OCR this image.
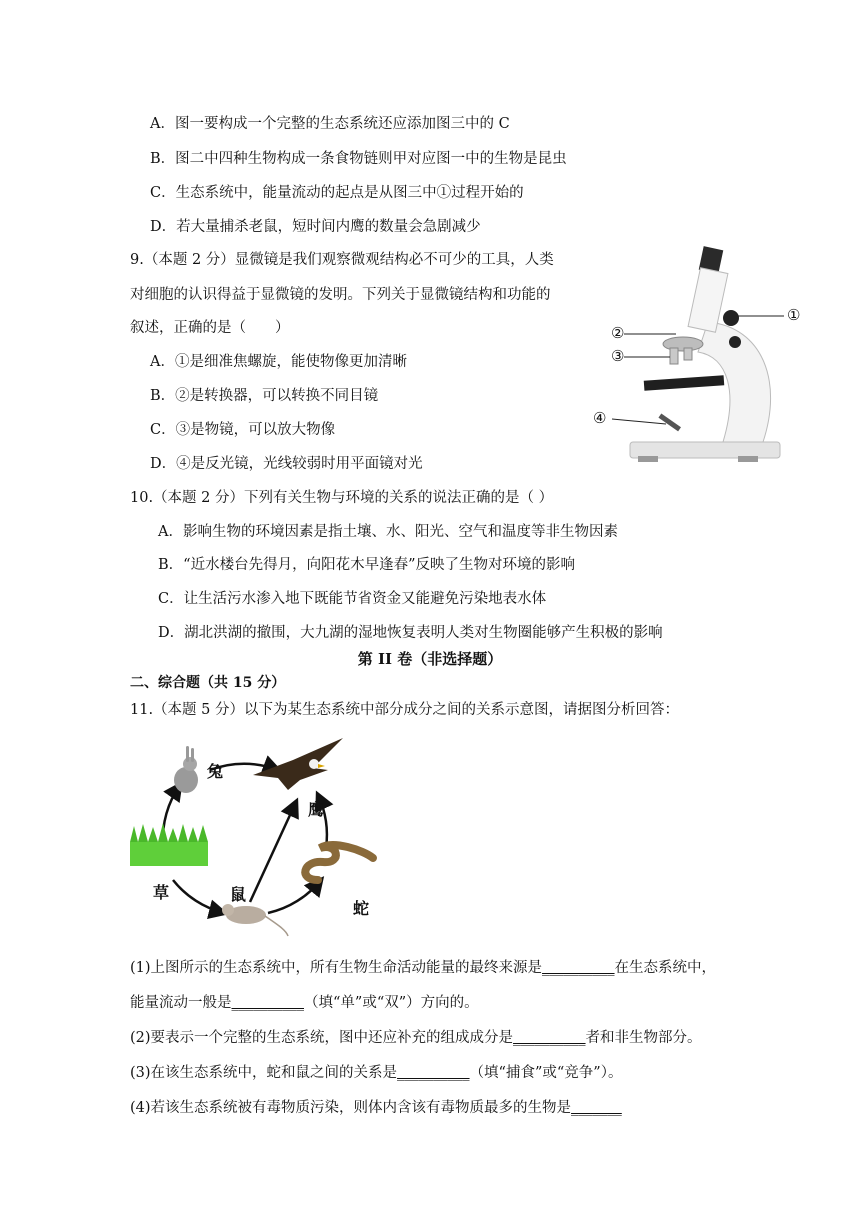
A．图一要构成一个完整的生态系统还应添加图三中的 C
B．图二中四种生物构成一条食物链则甲对应图一中的生物是昆虫
C．生态系统中，能量流动的起点是从图三中①过程开始的
D．若大量捕杀老鼠，短时间内鹰的数量会急剧减少
9.（本题 2 分）显微镜是我们观察微观结构必不可少的工具，人类
对细胞的认识得益于显微镜的发明。下列关于显微镜结构和功能的
叙述，正确的是（　　）
A．①是细准焦螺旋，能使物像更加清晰
B．②是转换器，可以转换不同目镜
C．③是物镜，可以放大物像
D．④是反光镜，光线较弱时用平面镜对光
①
②
③
④
10.（本题 2 分）下列有关生物与环境的关系的说法正确的是（ ）
A．影响生物的环境因素是指土壤、水、阳光、空气和温度等非生物因素
B．“近水楼台先得月，向阳花木早逢春”反映了生物对环境的影响
C．让生活污水渗入地下既能节省资金又能避免污染地表水体
D．湖北洪湖的撤围，大九湖的湿地恢复表明人类对生物圈能够产生积极的影响
第 II 卷（非选择题）
二、综合题（共 15 分）
11.（本题 5 分）以下为某生态系统中部分成分之间的关系示意图，请据图分析回答：
兔
鹰
草	鼠
蛇
(1)上图所示的生态系统中，所有生物生命活动能量的最终来源是__________在生态系统中，
能量流动一般是__________（填“单”或“双”）方向的。
(2)要表示一个完整的生态系统，图中还应补充的组成成分是__________者和非生物部分。
(3)在该生态系统中，蛇和鼠之间的关系是__________（填“捕食”或“竞争”）。
(4)若该生态系统被有毒物质污染，则体内含该有毒物质最多的生物是_______
